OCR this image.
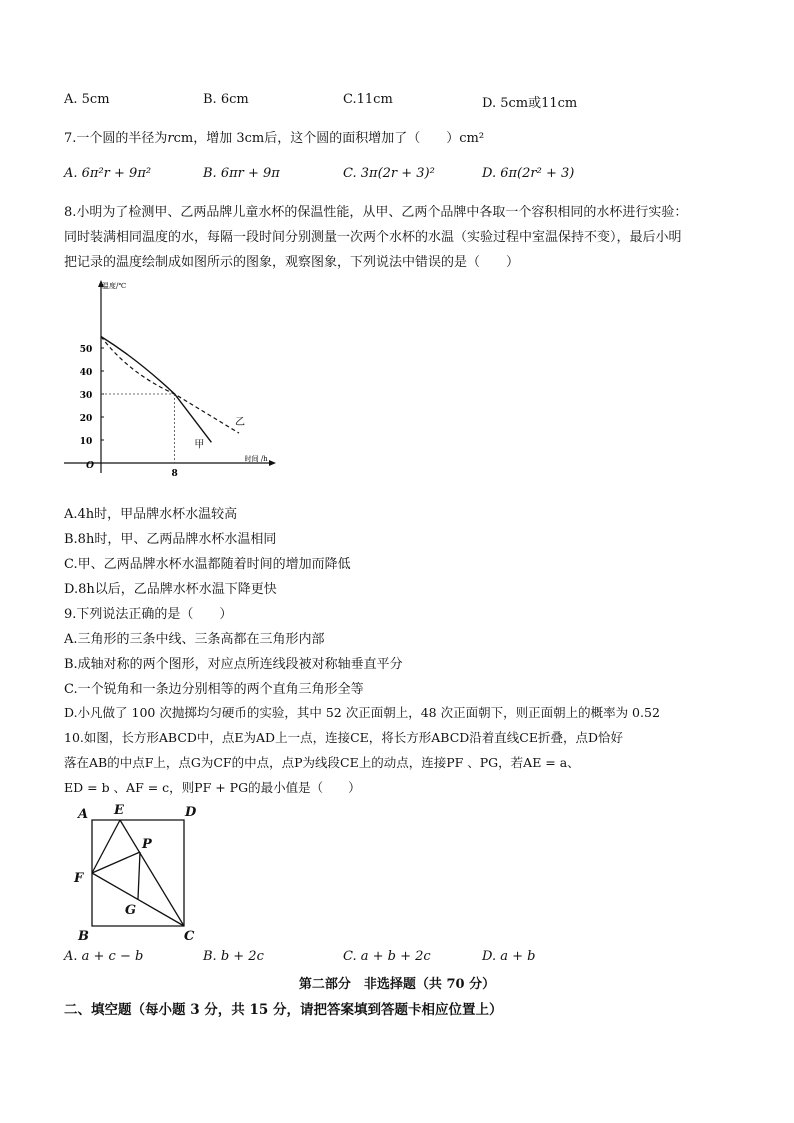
A. 5cm	B. 6cm	C.11cm	D. 5cm或11cm
7.一个圆的半径为rcm，增加 3cm后，这个圆的面积增加了（　　）cm²
A. 6π²r + 9π²	B. 6πr + 9π	C. 3π(2r + 3)²	D. 6π(2r² + 3)
8.小明为了检测甲、乙两品牌儿童水杯的保温性能，从甲、乙两个品牌中各取一个容积相同的水杯进行实验：
同时装满相同温度的水，每隔一段时间分别测量一次两个水杯的水温（实验过程中室温保持不变），最后小明
把记录的温度绘制成如图所示的图象，观察图象，下列说法中错误的是（　　）
10
20
30
40
50
8
甲
乙
温度/℃
时间 /h
O
A.4h时，甲品牌水杯水温较高
B.8h时，甲、乙两品牌水杯水温相同
C.甲、乙两品牌水杯水温都随着时间的增加而降低
D.8h以后，乙品牌水杯水温下降更快
9.下列说法正确的是（　　）
A.三角形的三条中线、三条高都在三角形内部
B.成轴对称的两个图形，对应点所连线段被对称轴垂直平分
C.一个锐角和一条边分别相等的两个直角三角形全等
D.小凡做了 100 次抛掷均匀硬币的实验，其中 52 次正面朝上，48 次正面朝下，则正面朝上的概率为 0.52
10.如图，长方形ABCD中，点E为AD上一点，连接CE，将长方形ABCD沿着直线CE折叠，点D恰好
落在AB的中点F上，点G为CF的中点，点P为线段CE上的动点，连接PF 、PG，若AE = a、
ED = b 、AF = c，则PF + PG的最小值是（　　）
A E	D
P
F
G
B	C
A. a + c − b	B. b + 2c	C. a + b + 2c	D. a + b
第二部分　非选择题（共 70 分）
二、填空题（每小题 3 分，共 15 分，请把答案填到答题卡相应位置上）
